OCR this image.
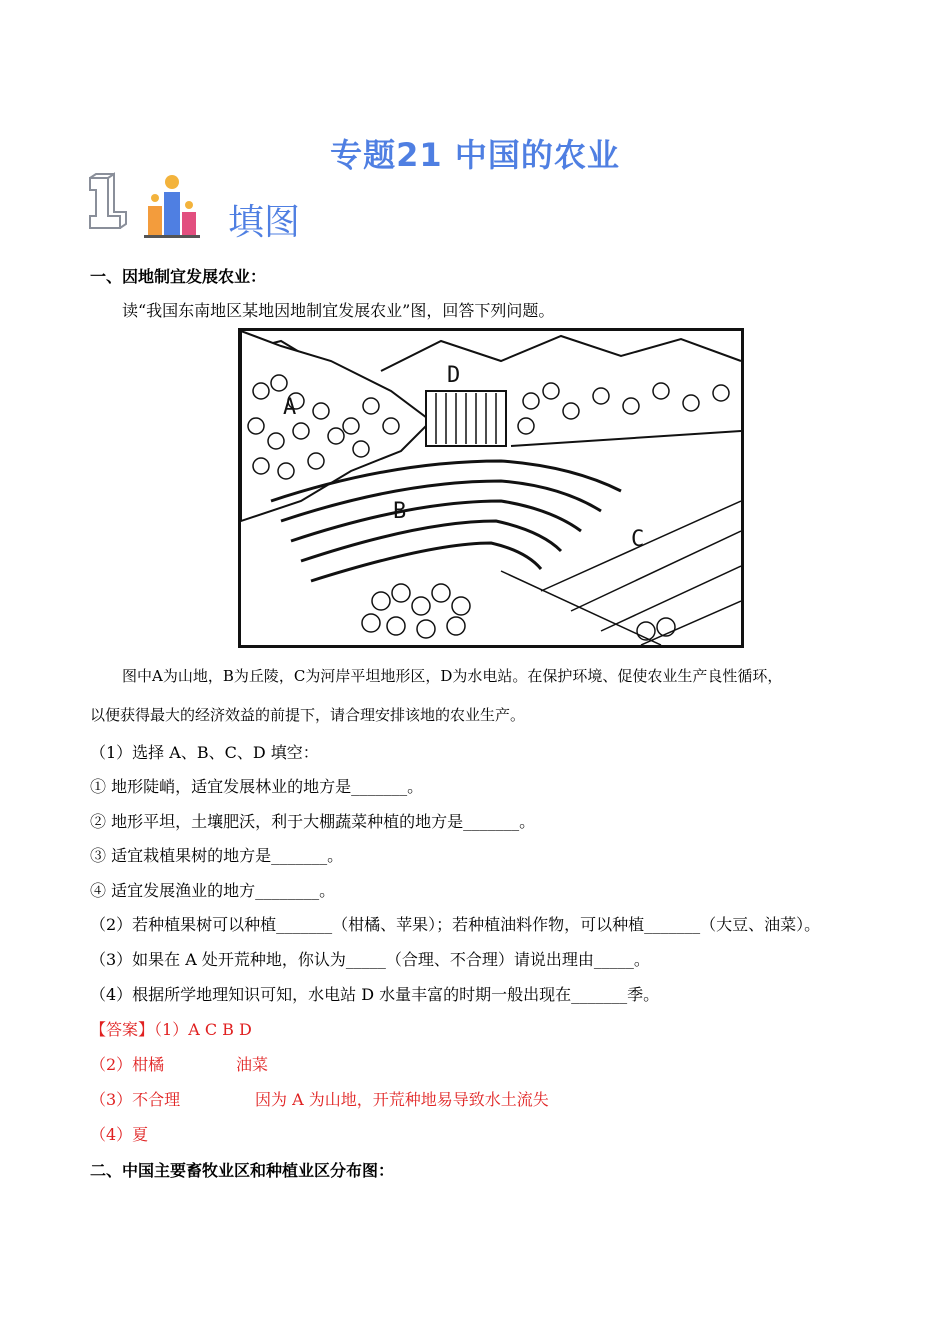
专题21 中国的农业
填图
一、因地制宜发展农业：
读“我国东南地区某地因地制宜发展农业”图，回答下列问题。
A
D
B
C
图中A为山地，B为丘陵，C为河岸平坦地形区，D为水电站。在保护环境、促使农业生产良性循环，
以便获得最大的经济效益的前提下，请合理安排该地的农业生产。
（1）选择 A、B、C、D 填空：
① 地形陡峭，适宜发展林业的地方是_______。
② 地形平坦，土壤肥沃，利于大棚蔬菜种植的地方是_______。
③ 适宜栽植果树的地方是_______。
④ 适宜发展渔业的地方________。
（2）若种植果树可以种植_______（柑橘、苹果）；若种植油料作物，可以种植_______（大豆、油菜）。
（3）如果在 A 处开荒种地，你认为_____（合理、不合理）请说出理由_____。
（4）根据所学地理知识可知，水电站 D 水量丰富的时期一般出现在_______季。
【答案】（1）A C B D
（2）柑橘	油菜
（3）不合理	因为 A 为山地，开荒种地易导致水土流失
（4）夏
二、中国主要畜牧业区和种植业区分布图：
